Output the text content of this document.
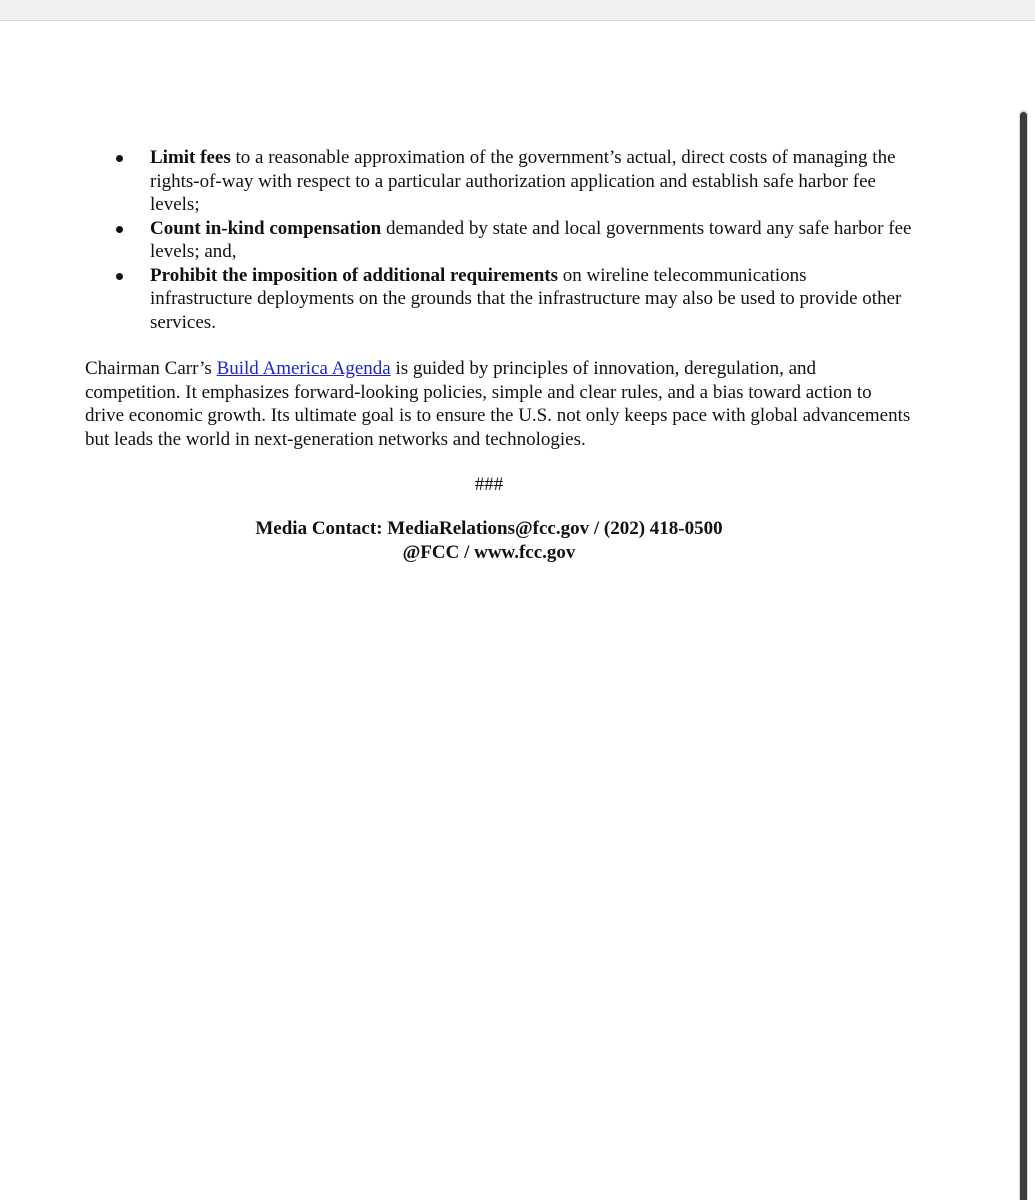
Limit fees to a reasonable approximation of the government’s actual, direct costs of managing the rights-of-way with respect to a particular authorization application and establish safe harbor fee levels;
Count in-kind compensation demanded by state and local governments toward any safe harbor fee levels; and,
Prohibit the imposition of additional requirements on wireline telecommunications infrastructure deployments on the grounds that the infrastructure may also be used to provide other services.

Chairman Carr’s Build America Agenda is guided by principles of innovation, deregulation, and competition. It emphasizes forward-looking policies, simple and clear rules, and a bias toward action to drive economic growth. Its ultimate goal is to ensure the U.S. not only keeps pace with global advancements but leads the world in next-generation networks and technologies.

###
Media Contact: MediaRelations@fcc.gov / (202) 418-0500
@FCC / www.fcc.gov
